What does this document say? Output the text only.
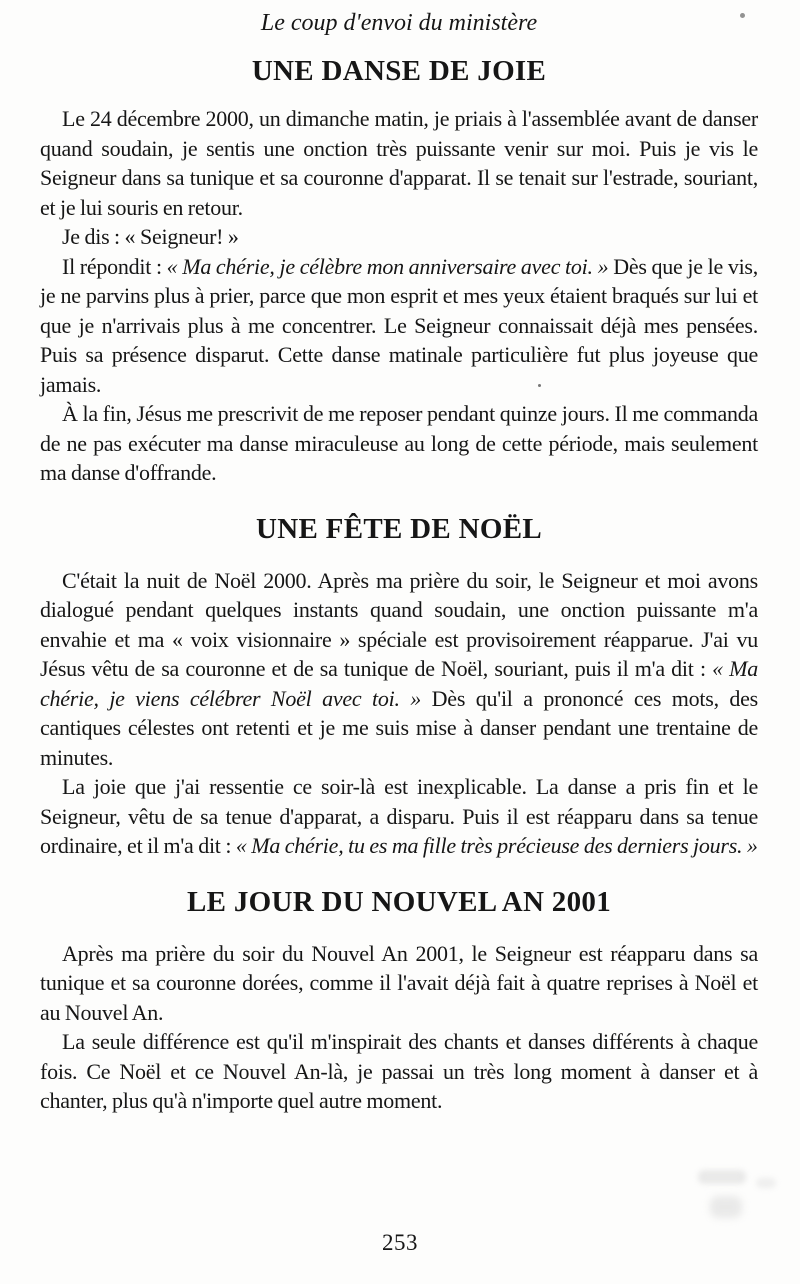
Le coup d'envoi du ministère
UNE DANSE DE JOIE

Le 24 décembre 2000, un dimanche matin, je priais à l'assemblée avant de danser quand soudain, je sentis une onction très puissante venir sur moi. Puis je vis le Seigneur dans sa tunique et sa couronne d'apparat. Il se tenait sur l'estrade, souriant, et je lui souris en retour.

Je dis : « Seigneur! »

Il répondit : « Ma chérie, je célèbre mon anniversaire avec toi. » Dès que je le vis, je ne parvins plus à prier, parce que mon esprit et mes yeux étaient braqués sur lui et que je n'arrivais plus à me concentrer. Le Seigneur connaissait déjà mes pensées. Puis sa présence disparut. Cette danse matinale particulière fut plus joyeuse que jamais.

À la fin, Jésus me prescrivit de me reposer pendant quinze jours. Il me commanda de ne pas exécuter ma danse miraculeuse au long de cette période, mais seulement ma danse d'offrande.

UNE FÊTE DE NOËL

C'était la nuit de Noël 2000. Après ma prière du soir, le Seigneur et moi avons dialogué pendant quelques instants quand soudain, une onction puissante m'a envahie et ma « voix visionnaire » spéciale est provisoirement réapparue. J'ai vu Jésus vêtu de sa couronne et de sa tunique de Noël, souriant, puis il m'a dit : « Ma chérie, je viens célébrer Noël avec toi. » Dès qu'il a prononcé ces mots, des cantiques célestes ont retenti et je me suis mise à danser pendant une trentaine de minutes.

La joie que j'ai ressentie ce soir-là est inexplicable. La danse a pris fin et le Seigneur, vêtu de sa tenue d'apparat, a disparu. Puis il est réapparu dans sa tenue ordinaire, et il m'a dit : « Ma chérie, tu es ma fille très précieuse des derniers jours. »

LE JOUR DU NOUVEL AN 2001

Après ma prière du soir du Nouvel An 2001, le Seigneur est réapparu dans sa tunique et sa couronne dorées, comme il l'avait déjà fait à quatre reprises à Noël et au Nouvel An.

La seule différence est qu'il m'inspirait des chants et danses différents à chaque fois. Ce Noël et ce Nouvel An-là, je passai un très long moment à danser et à chanter, plus qu'à n'importe quel autre moment.

253
